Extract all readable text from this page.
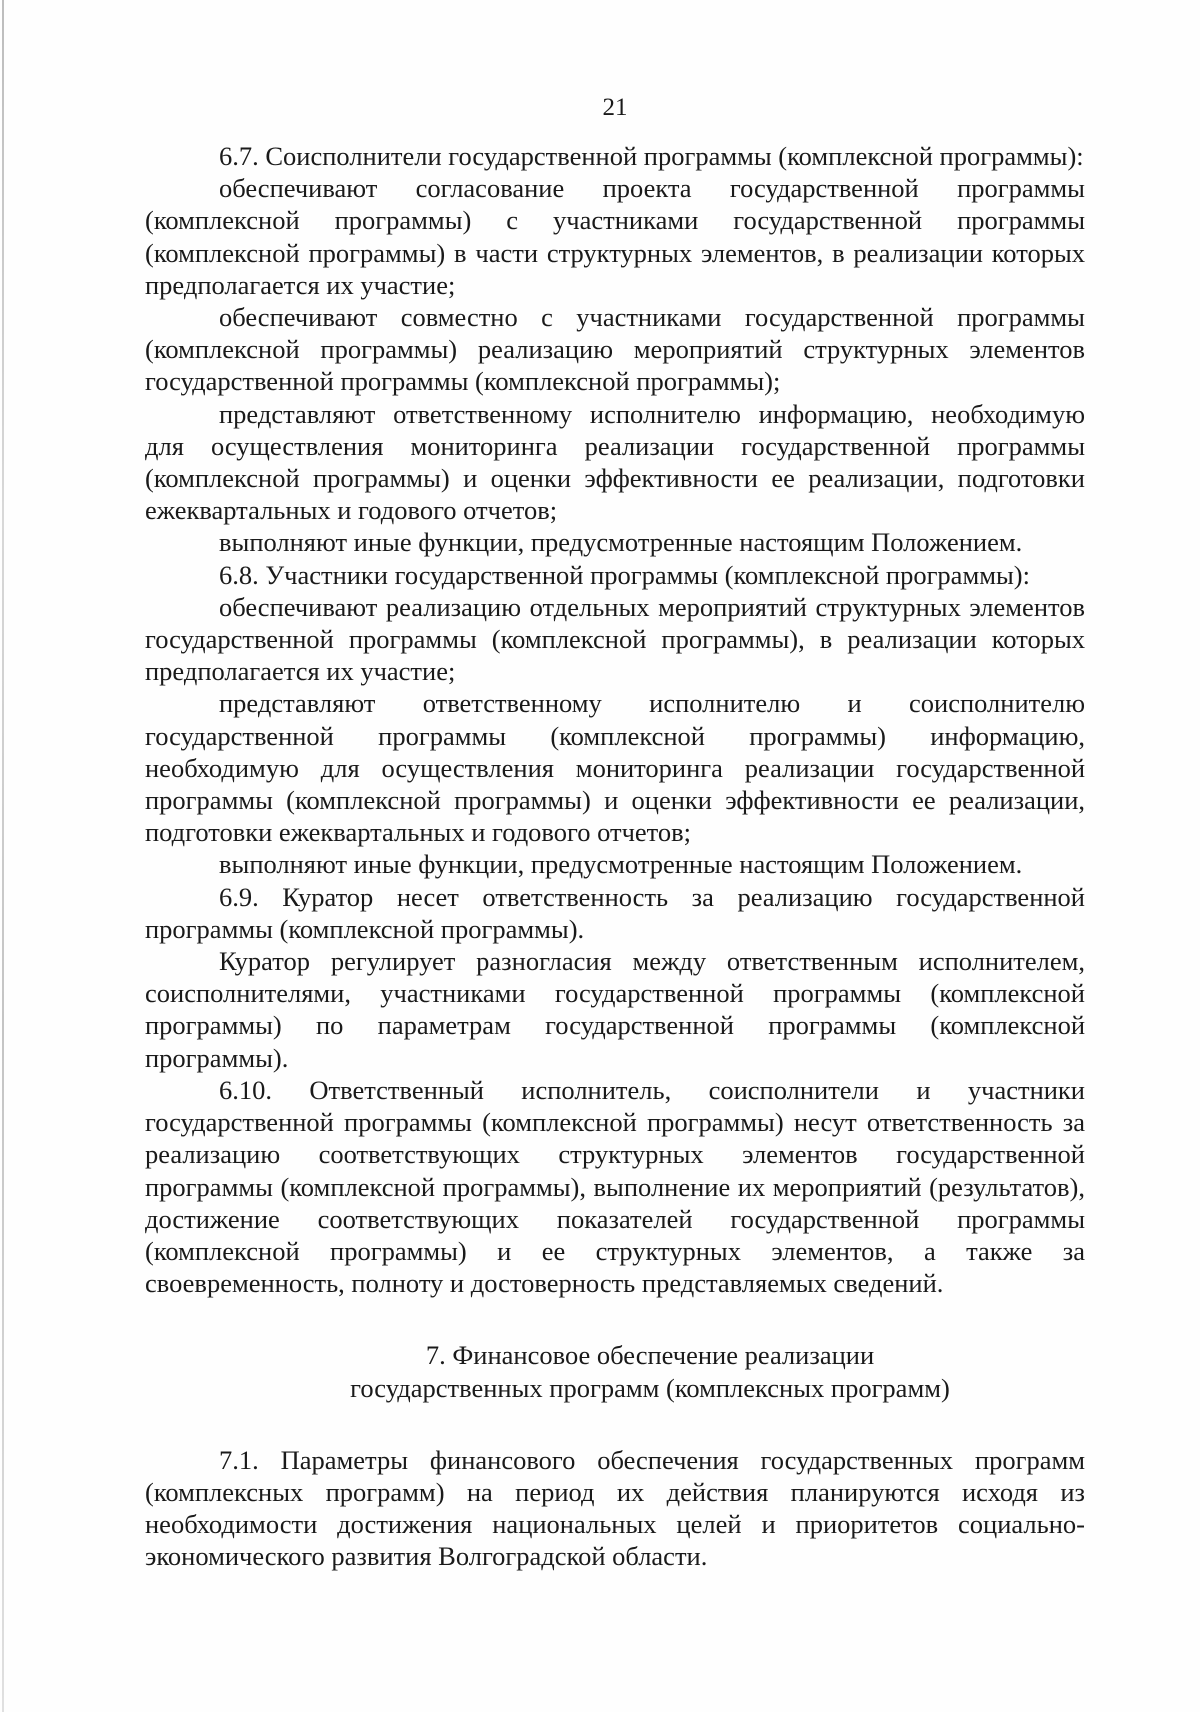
21

6.7. Соисполнители государственной программы (комплексной программы):

обеспечивают согласование проекта государственной программы (комплексной программы) с участниками государственной программы (комплексной программы) в части структурных элементов, в реализации которых предполагается их участие;

обеспечивают совместно с участниками государственной программы (комплексной программы) реализацию мероприятий структурных элементов государственной программы (комплексной программы);

представляют ответственному исполнителю информацию, необходимую для осуществления мониторинга реализации государственной программы (комплексной программы) и оценки эффективности ее реализации, подготовки ежеквартальных и годового отчетов;

выполняют иные функции, предусмотренные настоящим Положением.

6.8. Участники государственной программы (комплексной программы):

обеспечивают реализацию отдельных мероприятий структурных элементов государственной программы (комплексной программы), в реализации которых предполагается их участие;

представляют ответственному исполнителю и соисполнителю государственной программы (комплексной программы) информацию, необходимую для осуществления мониторинга реализации государственной программы (комплексной программы) и оценки эффективности ее реализации, подготовки ежеквартальных и годового отчетов;

выполняют иные функции, предусмотренные настоящим Положением.

6.9. Куратор несет ответственность за реализацию государственной программы (комплексной программы).

Куратор регулирует разногласия между ответственным исполнителем, соисполнителями, участниками государственной программы (комплексной программы) по параметрам государственной программы (комплексной программы).

6.10. Ответственный исполнитель, соисполнители и участники государственной программы (комплексной программы) несут ответственность за реализацию соответствующих структурных элементов государственной программы (комплексной программы), выполнение их мероприятий (результатов), достижение соответствующих показателей государственной программы (комплексной программы) и ее структурных элементов, а также за своевременность, полноту и достоверность представляемых сведений.

7. Финансовое обеспечение реализации
государственных программ (комплексных программ)

7.1. Параметры финансового обеспечения государственных программ (комплексных программ) на период их действия планируются исходя из необходимости достижения национальных целей и приоритетов социально-экономического развития Волгоградской области.
